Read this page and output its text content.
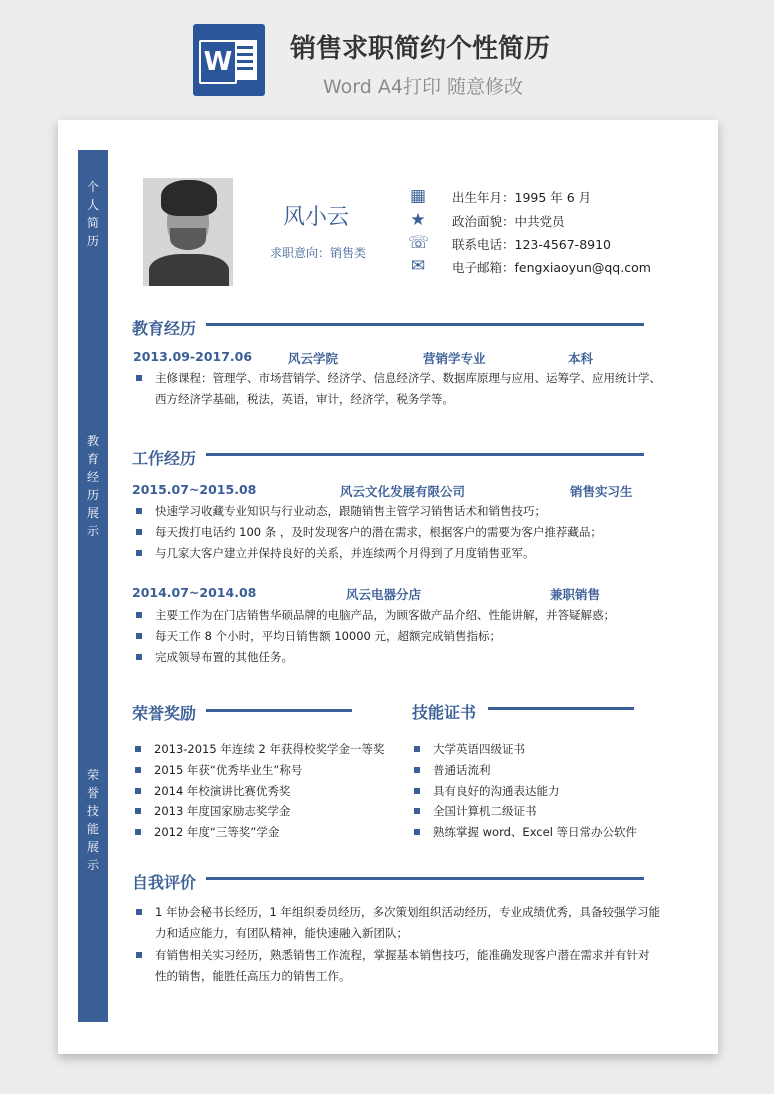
W 销售求职简约个性简历
Word A4打印 随意修改
个
人
简
历
教
育
经
历
展
示
荣
誉
技
能
展
示
风小云
求职意向：销售类
▦ 出生年月：1995 年 6 月
★ 政治面貌：中共党员
☏ 联系电话：123-4567-8910
✉ 电子邮箱：fengxiaoyun@qq.com
教育经历
2013.09-2017.06	风云学院	营销学专业	本科
主修课程：管理学、市场营销学、经济学、信息经济学、数据库原理与应用、运筹学、应用统计学、
西方经济学基础，税法，英语，审计，经济学，税务学等。
工作经历
2015.07~2015.08	风云文化发展有限公司	销售实习生
快速学习收藏专业知识与行业动态，跟随销售主管学习销售话术和销售技巧；
每天拨打电话约 100 条 ，及时发现客户的潜在需求，根据客户的需要为客户推荐藏品；
与几家大客户建立并保持良好的关系，并连续两个月得到了月度销售亚军。
2014.07~2014.08	风云电器分店	兼职销售
主要工作为在门店销售华硕品牌的电脑产品，为顾客做产品介绍、性能讲解，并答疑解惑；
每天工作 8 个小时，平均日销售额 10000 元，超额完成销售指标；
完成领导布置的其他任务。
荣誉奖励
2013-2015 年连续 2 年获得校奖学金一等奖
2015 年获“优秀毕业生”称号
2014 年校演讲比赛优秀奖
2013 年度国家励志奖学金
2012 年度“三等奖”学金
技能证书
大学英语四级证书
普通话流利
具有良好的沟通表达能力
全国计算机二级证书
熟练掌握 word、Excel 等日常办公软件
自我评价
1 年协会秘书长经历，1 年组织委员经历，多次策划组织活动经历，专业成绩优秀，具备较强学习能
力和适应能力，有团队精神，能快速融入新团队；
有销售相关实习经历，熟悉销售工作流程，掌握基本销售技巧，能准确发现客户潜在需求并有针对
性的销售，能胜任高压力的销售工作。
